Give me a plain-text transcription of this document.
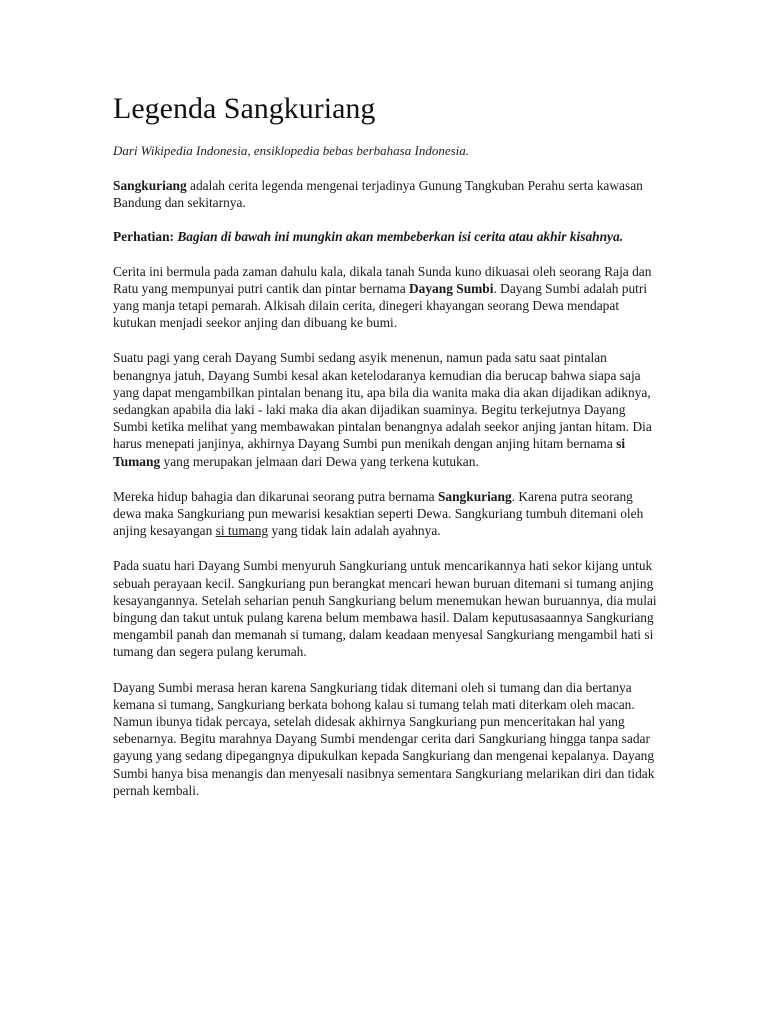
Legenda Sangkuriang
Dari Wikipedia Indonesia, ensiklopedia bebas berbahasa Indonesia.

Sangkuriang adalah cerita legenda mengenai terjadinya Gunung Tangkuban Perahu serta kawasan Bandung dan sekitarnya.

Perhatian: Bagian di bawah ini mungkin akan membeberkan isi cerita atau akhir kisahnya.

Cerita ini bermula pada zaman dahulu kala, dikala tanah Sunda kuno dikuasai oleh seorang Raja dan Ratu yang mempunyai putri cantik dan pintar bernama Dayang Sumbi. Dayang Sumbi adalah putri yang manja tetapi pemarah. Alkisah dilain cerita, dinegeri khayangan seorang Dewa mendapat kutukan menjadi seekor anjing dan dibuang ke bumi.

Suatu pagi yang cerah Dayang Sumbi sedang asyik menenun, namun pada satu saat pintalan benangnya jatuh, Dayang Sumbi kesal akan ketelodaranya kemudian dia berucap bahwa siapa saja yang dapat mengambilkan pintalan benang itu, apa bila dia wanita maka dia akan dijadikan adiknya, sedangkan apabila dia laki - laki maka dia akan dijadikan suaminya. Begitu terkejutnya Dayang Sumbi ketika melihat yang membawakan pintalan benangnya adalah seekor anjing jantan hitam. Dia harus menepati janjinya, akhirnya Dayang Sumbi pun menikah dengan anjing hitam bernama si Tumang yang merupakan jelmaan dari Dewa yang terkena kutukan.

Mereka hidup bahagia dan dikarunai seorang putra bernama Sangkuriang. Karena putra seorang dewa maka Sangkuriang pun mewarisi kesaktian seperti Dewa. Sangkuriang tumbuh ditemani oleh anjing kesayangan si tumang yang tidak lain adalah ayahnya.

Pada suatu hari Dayang Sumbi menyuruh Sangkuriang untuk mencarikannya hati sekor kijang untuk sebuah perayaan kecil. Sangkuriang pun berangkat mencari hewan buruan ditemani si tumang anjing kesayangannya. Setelah seharian penuh Sangkuriang belum menemukan hewan buruannya, dia mulai bingung dan takut untuk pulang karena belum membawa hasil. Dalam keputusasaannya Sangkuriang mengambil panah dan memanah si tumang, dalam keadaan menyesal Sangkuriang mengambil hati si tumang dan segera pulang kerumah.

Dayang Sumbi merasa heran karena Sangkuriang tidak ditemani oleh si tumang dan dia bertanya kemana si tumang, Sangkuriang berkata bohong kalau si tumang telah mati diterkam oleh macan. Namun ibunya tidak percaya, setelah didesak akhirnya Sangkuriang pun menceritakan hal yang sebenarnya. Begitu marahnya Dayang Sumbi mendengar cerita dari Sangkuriang hingga tanpa sadar gayung yang sedang dipegangnya dipukulkan kepada Sangkuriang dan mengenai kepalanya. Dayang Sumbi hanya bisa menangis dan menyesali nasibnya sementara Sangkuriang melarikan diri dan tidak pernah kembali.
